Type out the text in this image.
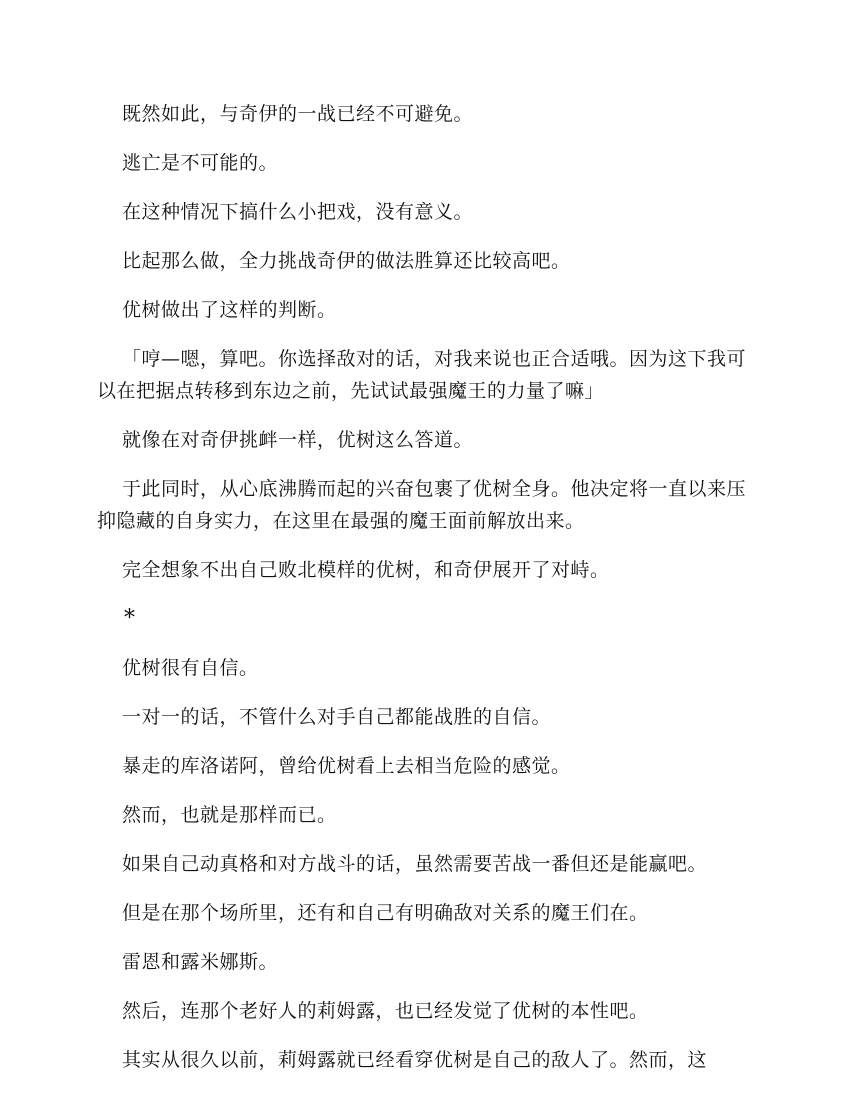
既然如此，与奇伊的一战已经不可避免。

逃亡是不可能的。

在这种情况下搞什么小把戏，没有意义。

比起那么做，全力挑战奇伊的做法胜算还比较高吧。

优树做出了这样的判断。

「哼—嗯，算吧。你选择敌对的话，对我来说也正合适哦。因为这下我可以在把据点转移到东边之前，先试试最强魔王的力量了嘛」

就像在对奇伊挑衅一样，优树这么答道。

于此同时，从心底沸腾而起的兴奋包裹了优树全身。他决定将一直以来压抑隐藏的自身实力，在这里在最强的魔王面前解放出来。

完全想象不出自己败北模样的优树，和奇伊展开了对峙。

*

优树很有自信。

一对一的话，不管什么对手自己都能战胜的自信。

暴走的库洛诺阿，曾给优树看上去相当危险的感觉。

然而，也就是那样而已。

如果自己动真格和对方战斗的话，虽然需要苦战一番但还是能赢吧。

但是在那个场所里，还有和自己有明确敌对关系的魔王们在。

雷恩和露米娜斯。

然后，连那个老好人的莉姆露，也已经发觉了优树的本性吧。

其实从很久以前，莉姆露就已经看穿优树是自己的敌人了。然而，这
